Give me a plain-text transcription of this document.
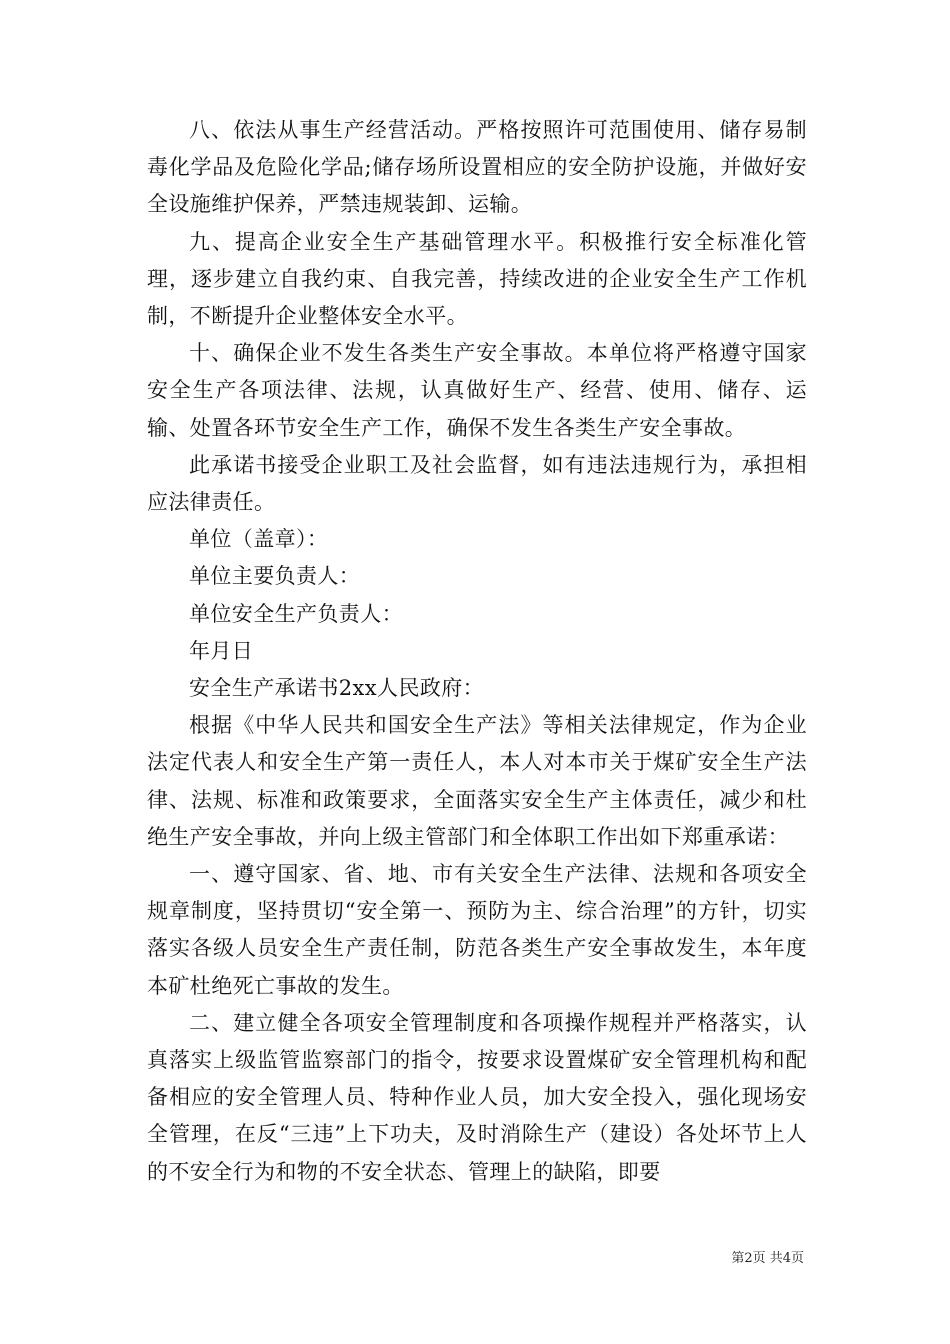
八、依法从事生产经营活动。严格按照许可范围使用、储存易制毒化学品及危险化学品;储存场所设置相应的安全防护设施，并做好安全设施维护保养，严禁违规装卸、运输。

九、提高企业安全生产基础管理水平。积极推行安全标准化管理，逐步建立自我约束、自我完善，持续改进的企业安全生产工作机制，不断提升企业整体安全水平。

十、确保企业不发生各类生产安全事故。本单位将严格遵守国家安全生产各项法律、法规，认真做好生产、经营、使用、储存、运输、处置各环节安全生产工作，确保不发生各类生产安全事故。

此承诺书接受企业职工及社会监督，如有违法违规行为，承担相应法律责任。

单位（盖章）：

单位主要负责人：

单位安全生产负责人：

年月日

安全生产承诺书2xx人民政府：

根据《中华人民共和国安全生产法》等相关法律规定，作为企业法定代表人和安全生产第一责任人，本人对本市关于煤矿安全生产法律、法规、标准和政策要求，全面落实安全生产主体责任，减少和杜绝生产安全事故，并向上级主管部门和全体职工作出如下郑重承诺：

一、遵守国家、省、地、市有关安全生产法律、法规和各项安全规章制度，坚持贯切“安全第一、预防为主、综合治理”的方针，切实落实各级人员安全生产责任制，防范各类生产安全事故发生，本年度本矿杜绝死亡事故的发生。

二、建立健全各项安全管理制度和各项操作规程并严格落实，认真落实上级监管监察部门的指令，按要求设置煤矿安全管理机构和配备相应的安全管理人员、特种作业人员，加大安全投入，强化现场安全管理，在反“三违”上下功夫，及时消除生产（建设）各处坏节上人的不安全行为和物的不安全状态、管理上的缺陷，即要

第2页 共4页
